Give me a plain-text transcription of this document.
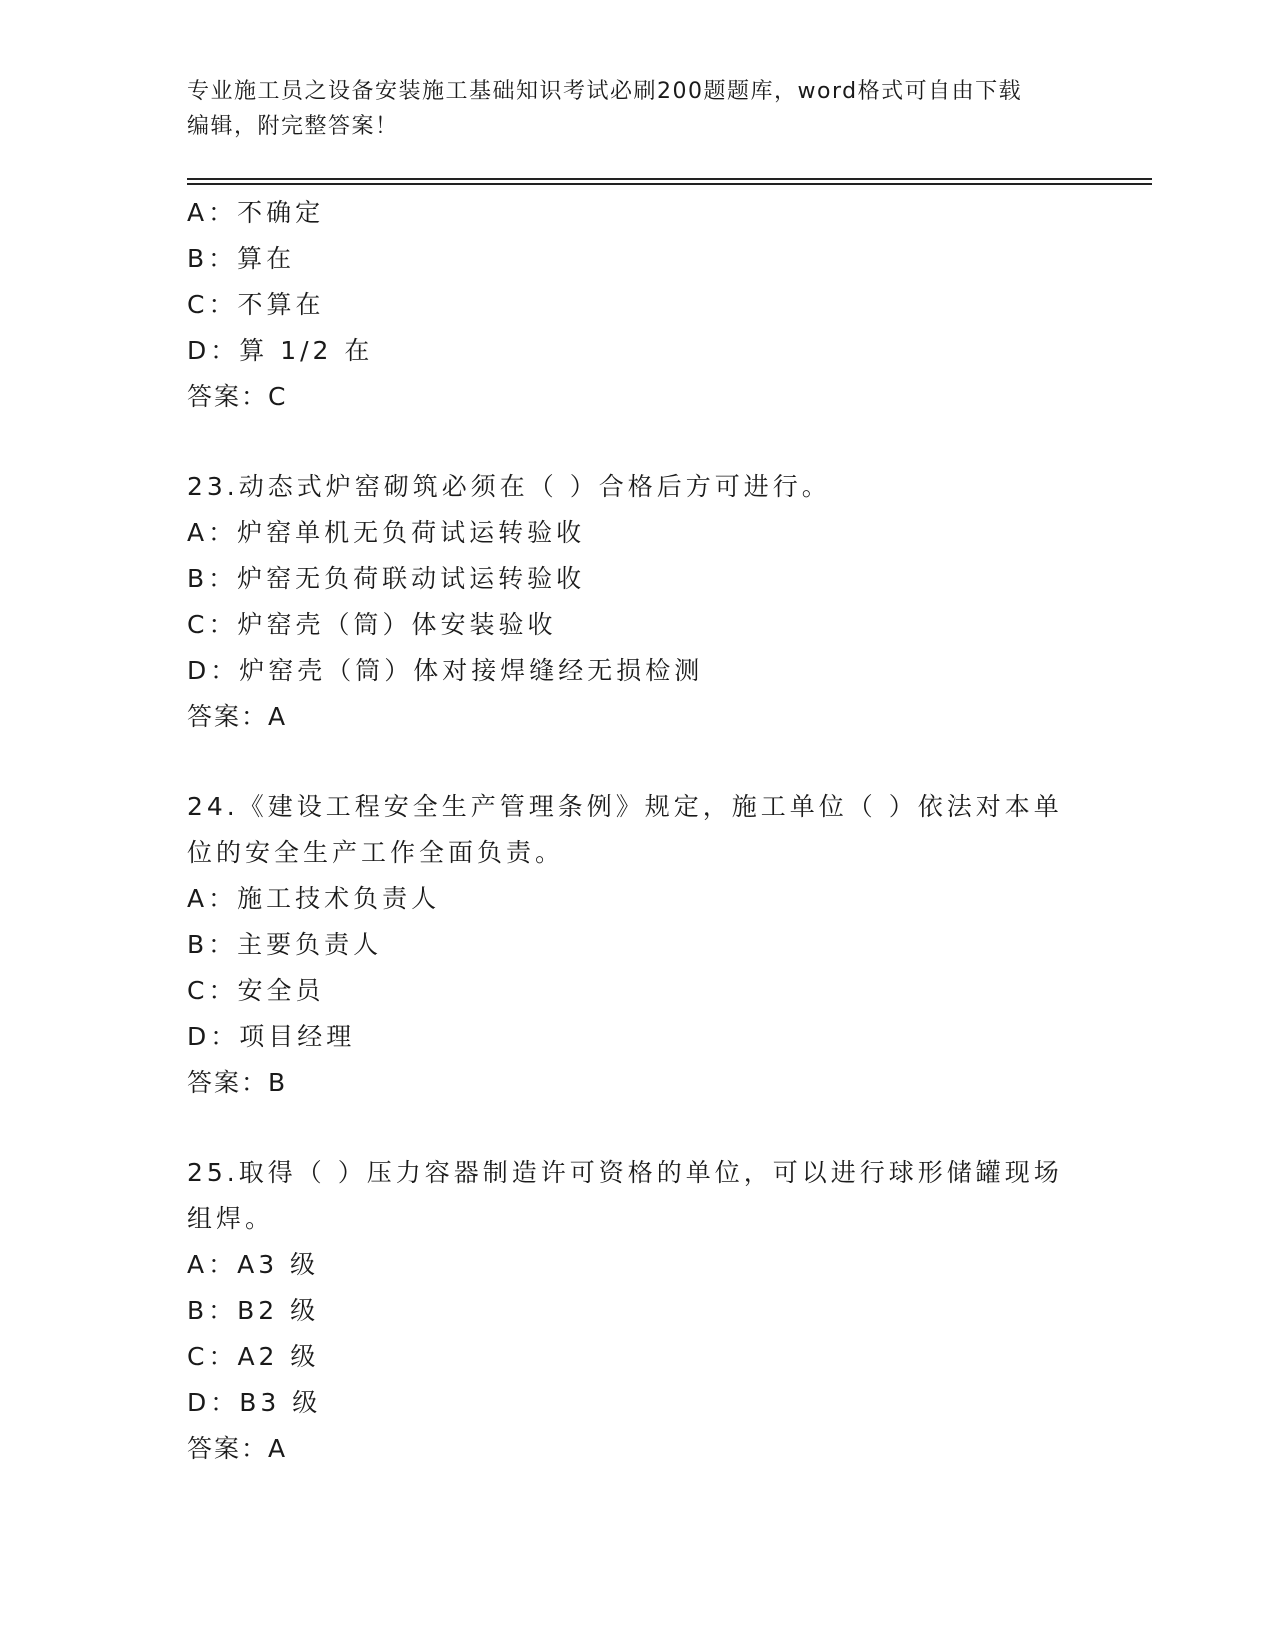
专业施工员之设备安装施工基础知识考试必刷200题题库，word格式可自由下载
编辑，附完整答案！
A：不确定
B：算在
C：不算在
D：算 1/2 在
答案：C
23.动态式炉窑砌筑必须在（ ）合格后方可进行。
A：炉窑单机无负荷试运转验收
B：炉窑无负荷联动试运转验收
C：炉窑壳（筒）体安装验收
D：炉窑壳（筒）体对接焊缝经无损检测
答案：A
24.《建设工程安全生产管理条例》规定，施工单位（ ）依法对本单
位的安全生产工作全面负责。
A：施工技术负责人
B：主要负责人
C：安全员
D：项目经理
答案：B
25.取得（ ）压力容器制造许可资格的单位，可以进行球形储罐现场
组焊。
A：A3 级
B：B2 级
C：A2 级
D：B3 级
答案：A
